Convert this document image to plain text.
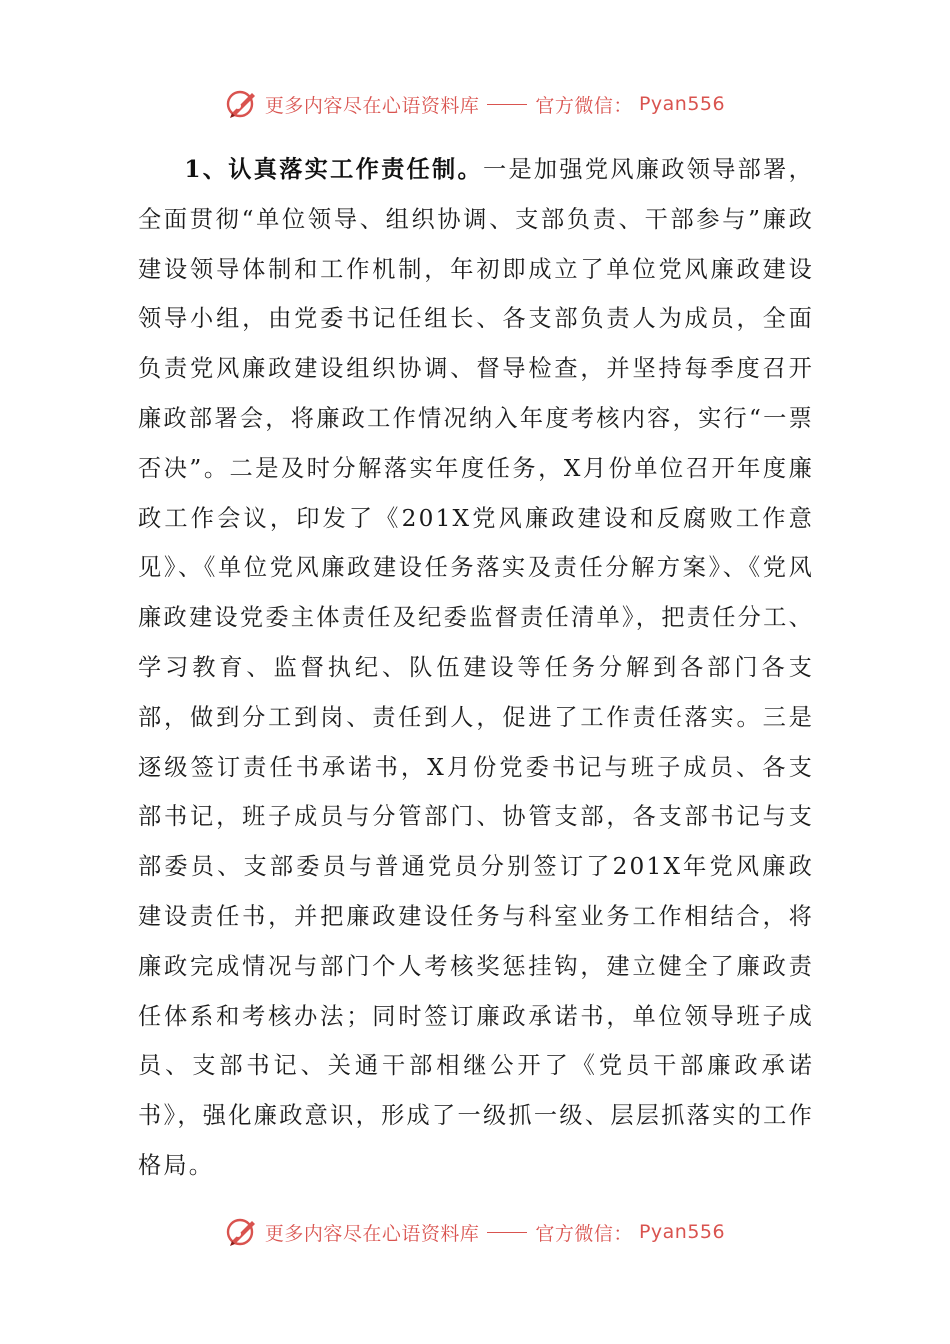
更多内容尽在心语资料库	官方微信： Pyan556
1、认真落实工作责任制。一是加强党风廉政领导部署，全面贯彻“单位领导、组织协调、支部负责、干部参与”廉政建设领导体制和工作机制，年初即成立了单位党风廉政建设领导小组，由党委书记任组长、各支部负责人为成员，全面负责党风廉政建设组织协调、督导检查，并坚持每季度召开廉政部署会，将廉政工作情况纳入年度考核内容，实行“一票否决”。二是及时分解落实年度任务，X月份单位召开年度廉政工作会议，印发了《201X党风廉政建设和反腐败工作意见》、《单位党风廉政建设任务落实及责任分解方案》、《党风廉政建设党委主体责任及纪委监督责任清单》，把责任分工、学习教育、监督执纪、队伍建设等任务分解到各部门各支部，做到分工到岗、责任到人，促进了工作责任落实。三是逐级签订责任书承诺书，X月份党委书记与班子成员、各支部书记，班子成员与分管部门、协管支部，各支部书记与支部委员、支部委员与普通党员分别签订了201X年党风廉政建设责任书，并把廉政建设任务与科室业务工作相结合，将廉政完成情况与部门个人考核奖惩挂钩，建立健全了廉政责任体系和考核办法；同时签订廉政承诺书，单位领导班子成员、支部书记、关通干部相继公开了《党员干部廉政承诺书》，强化廉政意识，形成了一级抓一级、层层抓落实的工作格局。
更多内容尽在心语资料库	官方微信： Pyan556
